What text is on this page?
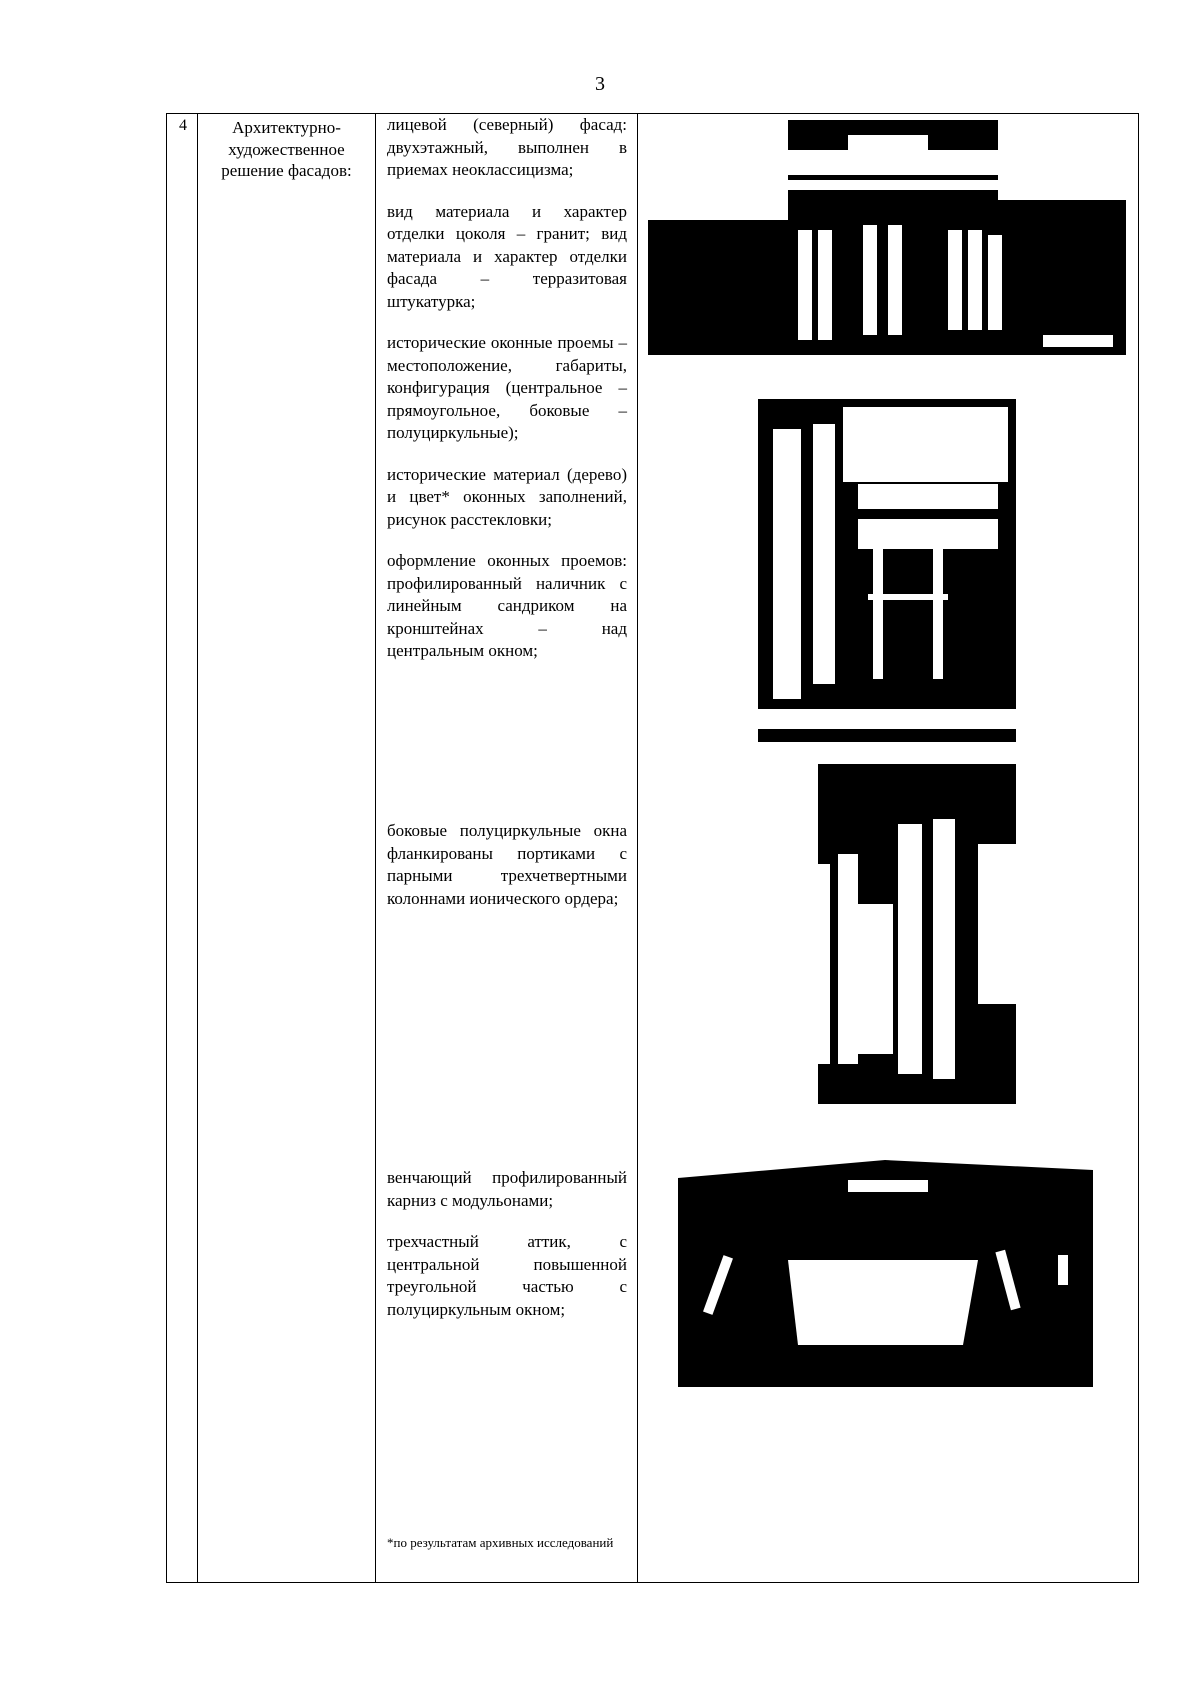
3
4	Архитектурно-художественное решение фасадов:

лицевой (северный) фасад: двухэтажный, выполнен в приемах неоклассицизма;

вид материала и характер отделки цоколя – гранит; вид материала и характер отделки фасада – терразитовая штукатурка;

исторические оконные проемы – местоположение, габариты, конфигурация (центральное – прямоугольное, боковые – полуциркульные);

исторические материал (дерево) и цвет* оконных заполнений, рисунок расстекловки;

оформление оконных проемов: профилированный наличник с линейным сандриком на кронштейнах – над центральным окном;

боковые полуциркульные окна фланкированы портиками с парными трехчетвертными колоннами ионического ордера;

венчающий профилированный карниз с модульонами;

трехчастный аттик, с центральной повышенной треугольной частью с полуциркульным окном;

*по результатам архивных исследований
